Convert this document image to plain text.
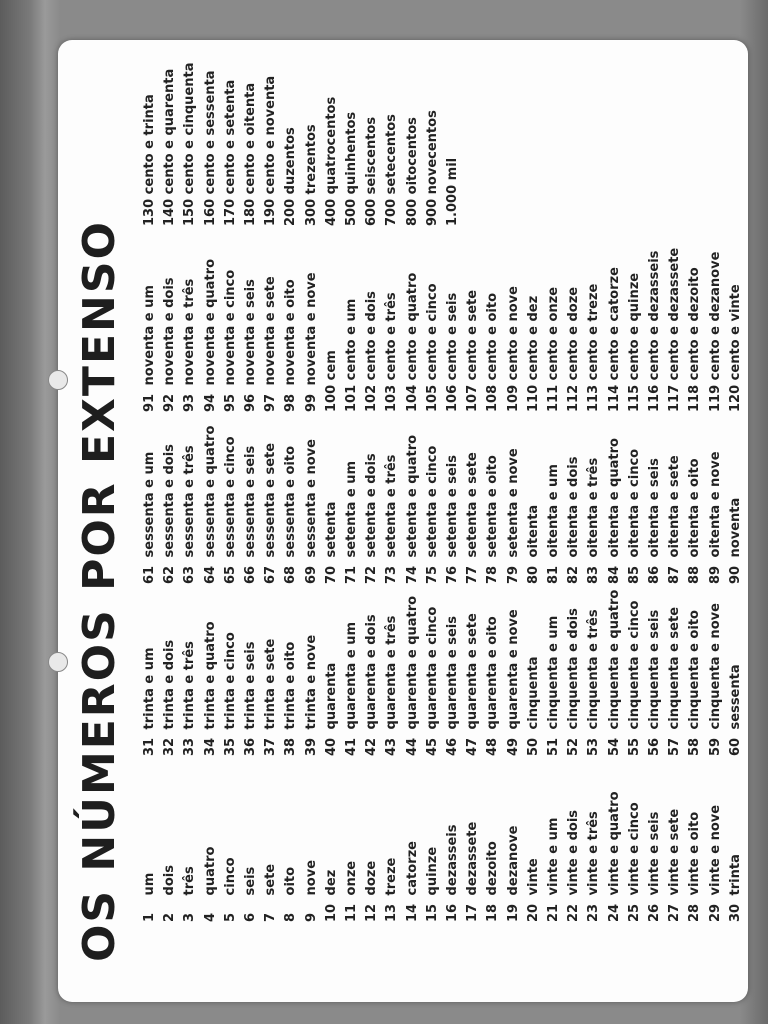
OS NÚMEROS POR EXTENSO 1 um
2 dois
3 três
4 quatro
5 cinco
6 seis
7 sete
8 oito
9 nove
10 dez
11 onze
12 doze
13 treze
14 catorze
15 quinze
16 dezasseis
17 dezassete
18 dezoito
19 dezanove
20 vinte
21 vinte e um
22 vinte e dois
23 vinte e três
24 vinte e quatro
25 vinte e cinco
26 vinte e seis
27 vinte e sete
28 vinte e oito
29 vinte e nove
30 trinta
31 trinta e um
32 trinta e dois
33 trinta e três
34 trinta e quatro
35 trinta e cinco
36 trinta e seis
37 trinta e sete
38 trinta e oito
39 trinta e nove
40 quarenta
41 quarenta e um
42 quarenta e dois
43 quarenta e três
44 quarenta e quatro
45 quarenta e cinco
46 quarenta e seis
47 quarenta e sete
48 quarenta e oito
49 quarenta e nove
50 cinquenta
51 cinquenta e um
52 cinquenta e dois
53 cinquenta e três
54 cinquenta e quatro
55 cinquenta e cinco
56 cinquenta e seis
57 cinquenta e sete
58 cinquenta e oito
59 cinquenta e nove
60 sessenta
61 sessenta e um
62 sessenta e dois
63 sessenta e três
64 sessenta e quatro
65 sessenta e cinco
66 sessenta e seis
67 sessenta e sete
68 sessenta e oito
69 sessenta e nove
70 setenta
71 setenta e um
72 setenta e dois
73 setenta e três
74 setenta e quatro
75 setenta e cinco
76 setenta e seis
77 setenta e sete
78 setenta e oito
79 setenta e nove
80 oitenta
81 oitenta e um
82 oitenta e dois
83 oitenta e três
84 oitenta e quatro
85 oitenta e cinco
86 oitenta e seis
87 oitenta e sete
88 oitenta e oito
89 oitenta e nove
90 noventa
91 noventa e um
92 noventa e dois
93 noventa e três
94 noventa e quatro
95 noventa e cinco
96 noventa e seis
97 noventa e sete
98 noventa e oito
99 noventa e nove
100 cem
101 cento e um
102 cento e dois
103 cento e três
104 cento e quatro
105 cento e cinco
106 cento e seis
107 cento e sete
108 cento e oito
109 cento e nove
110 cento e dez
111 cento e onze
112 cento e doze
113 cento e treze
114 cento e catorze
115 cento e quinze
116 cento e dezasseis
117 cento e dezassete
118 cento e dezoito
119 cento e dezanove
120 cento e vinte
130 cento e trinta
140 cento e quarenta
150 cento e cinquenta
160 cento e sessenta
170 cento e setenta
180 cento e oitenta
190 cento e noventa
200 duzentos
300 trezentos
400 quatrocentos
500 quinhentos
600 seiscentos
700 setecentos
800 oitocentos
900 novecentos
1.000 mil
